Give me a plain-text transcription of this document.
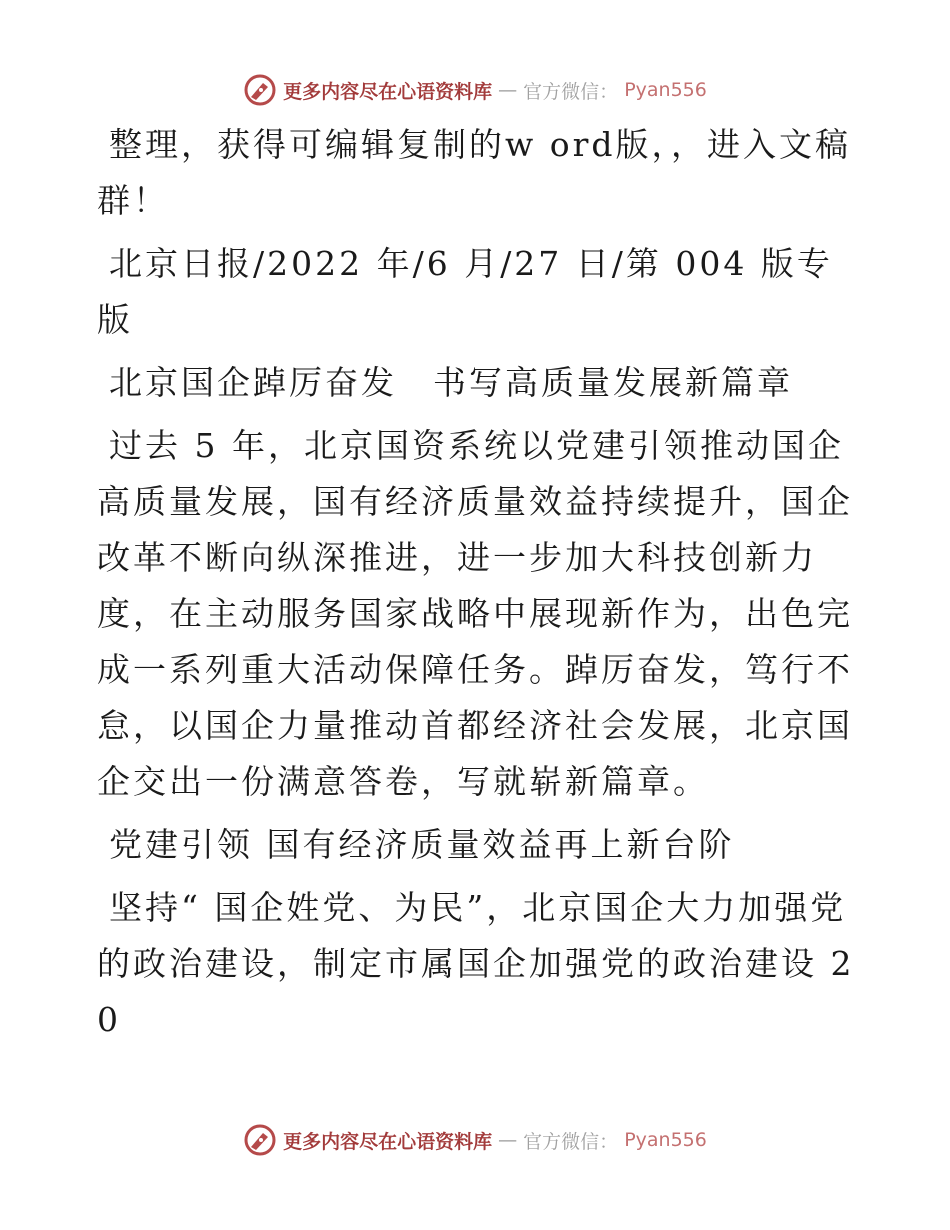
更多内容尽在心语资料库 — 官方微信： Pyan556

整理，获得可编辑复制的w ord版，，进入文稿群！

北京日报/2022 年/6 月/27 日/第 004 版专版

北京国企踔厉奋发　书写高质量发展新篇章

过去 5 年，北京国资系统以党建引领推动国企高质量发展，国有经济质量效益持续提升，国企改革不断向纵深推进，进一步加大科技创新力度，在主动服务国家战略中展现新作为，出色完成一系列重大活动保障任务。踔厉奋发，笃行不怠，以国企力量推动首都经济社会发展，北京国企交出一份满意答卷，写就崭新篇章。

党建引领 国有经济质量效益再上新台阶

坚持“ 国企姓党、为民”，北京国企大力加强党的政治建设，制定市属国企加强党的政治建设 20

更多内容尽在心语资料库 — 官方微信： Pyan556
